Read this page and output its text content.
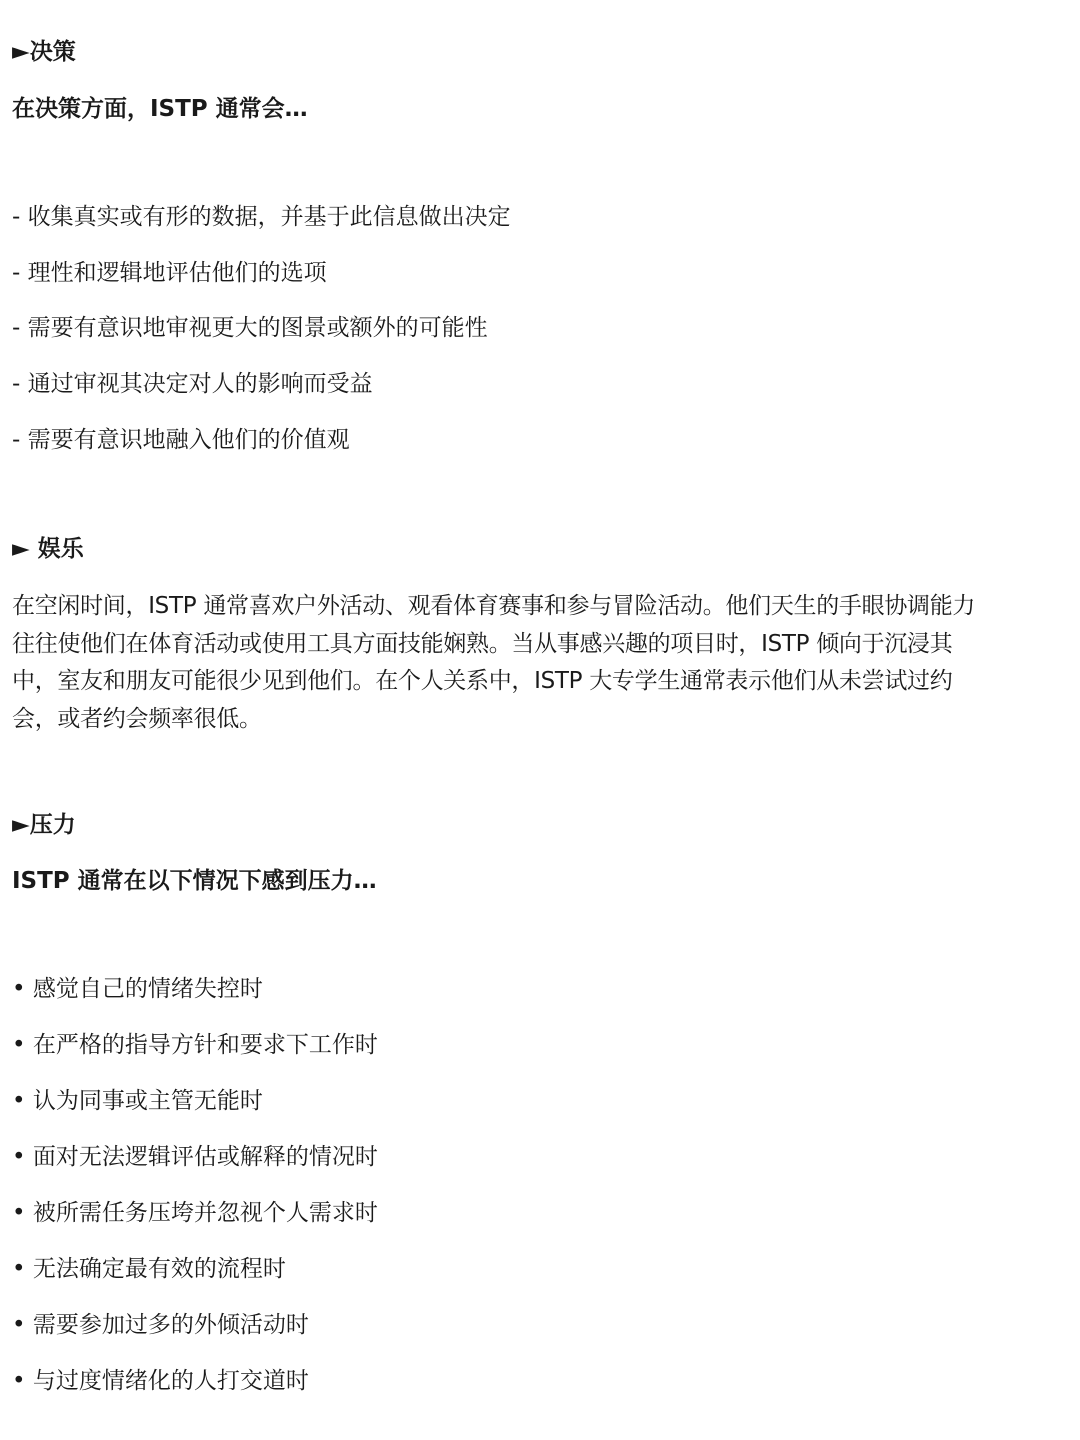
►决策
在决策方面，ISTP 通常会…
- 收集真实或有形的数据，并基于此信息做出决定
- 理性和逻辑地评估他们的选项
- 需要有意识地审视更大的图景或额外的可能性
- 通过审视其决定对人的影响而受益
- 需要有意识地融入他们的价值观
► 娱乐
在空闲时间，ISTP 通常喜欢户外活动、观看体育赛事和参与冒险活动。他们天生的手眼协调能力
往往使他们在体育活动或使用工具方面技能娴熟。当从事感兴趣的项目时，ISTP 倾向于沉浸其
中，室友和朋友可能很少见到他们。在个人关系中，ISTP 大专学生通常表示他们从未尝试过约
会，或者约会频率很低。
►压力
ISTP 通常在以下情况下感到压力…
• 感觉自己的情绪失控时
• 在严格的指导方针和要求下工作时
• 认为同事或主管无能时
• 面对无法逻辑评估或解释的情况时
• 被所需任务压垮并忽视个人需求时
• 无法确定最有效的流程时
• 需要参加过多的外倾活动时
• 与过度情绪化的人打交道时
